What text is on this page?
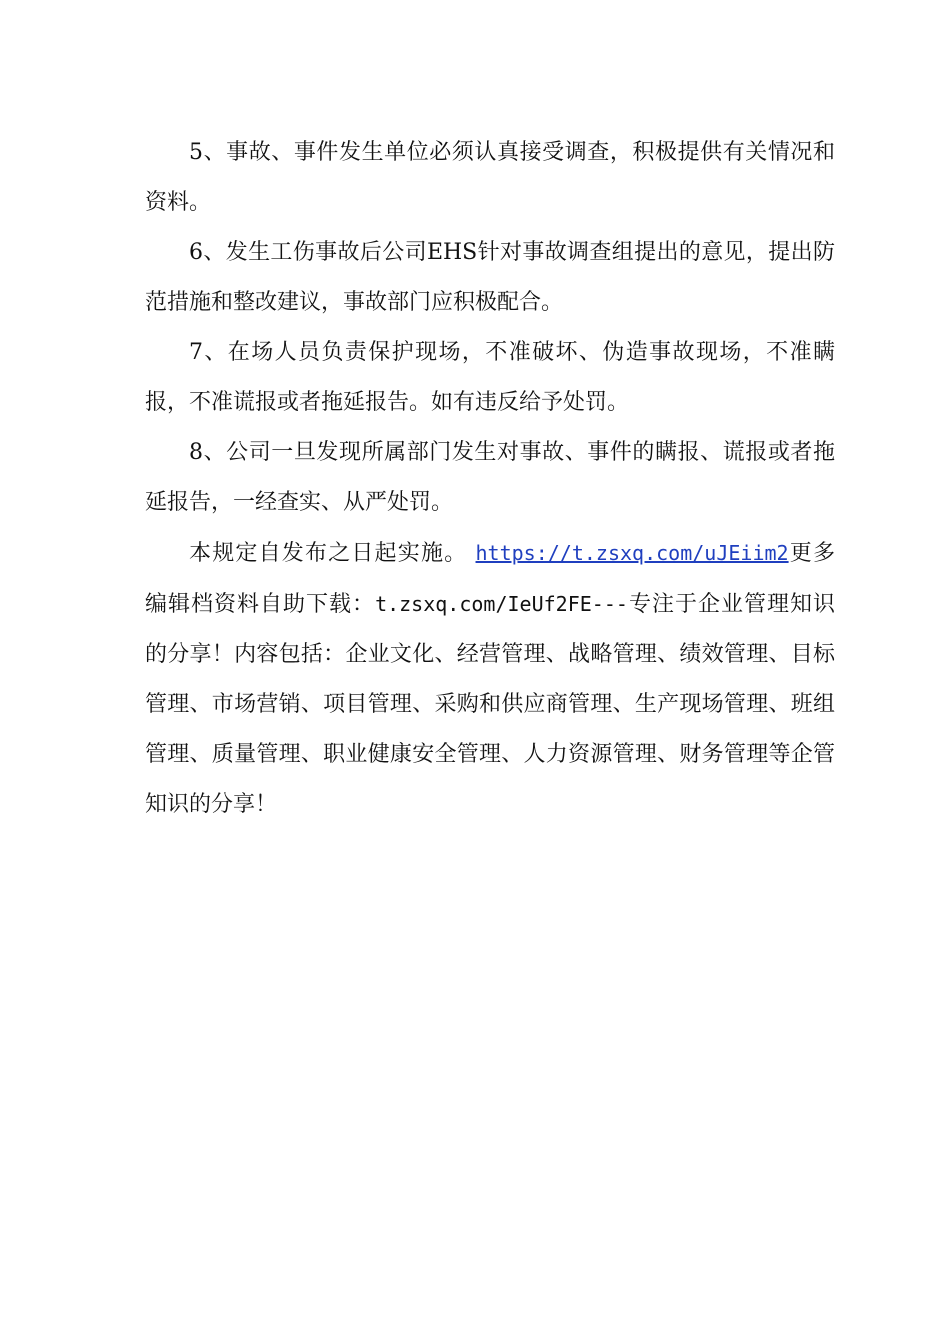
5、事故、事件发生单位必须认真接受调查，积极提供有关情况和资料。

6、发生工伤事故后公司EHS针对事故调查组提出的意见，提出防范措施和整改建议，事故部门应积极配合。

7、在场人员负责保护现场，不准破坏、伪造事故现场，不准瞒报，不准谎报或者拖延报告。如有违反给予处罚。

8、公司一旦发现所属部门发生对事故、事件的瞒报、谎报或者拖延报告，一经查实、从严处罚。

本规定自发布之日起实施。 https://t.zsxq.com/uJEiim2更多编辑档资料自助下载：t.zsxq.com/IeUf2FE---专注于企业管理知识的分享！内容包括：企业文化、经营管理、战略管理、绩效管理、目标管理、市场营销、项目管理、采购和供应商管理、生产现场管理、班组管理、质量管理、职业健康安全管理、人力资源管理、财务管理等企管知识的分享！
